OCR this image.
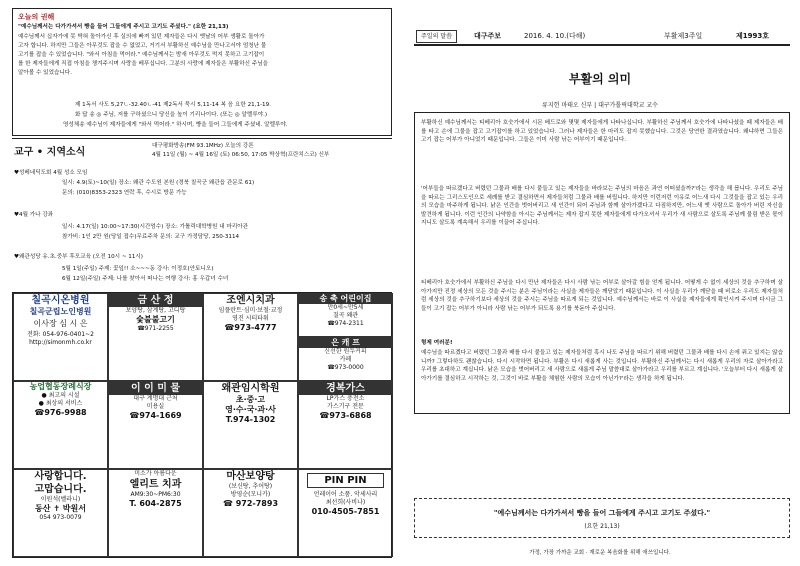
오늘의 권해
"예수님께서는 다가가셔서 빵을 들어 그들에게 주시고 고기도 주셨다." (요한 21,13)
예수님께서 십자가에 못 박혀 돌아가신 후 실의에 빠져 있던 제자들은 다시 옛날의 어부 생활로 돌아가
고자 합니다. 하지만 그들은 아무것도 잡을 수 없었고, 거기서 부활하신 예수님을 만나고서야 엄청난 물
고기를 잡을 수 있었습니다. "와서 아침을 먹어라." 예수님께서는 밤새 아무것도 먹지 못하고 고기잡이
를 한 제자들에게 직접 아침을 챙겨주시며 사랑을 베푸십니다. 그분의 사랑에 제자들은 부활하신 주님을
알아볼 수 있었습니다.
제 1독서 사도 5,27ㄴ-32.40ㄴ-41 제2독서 묵시 5,11-14 복 음 요한 21,1-19.
화 답 송 ◎ 주님, 저를 구하셨으니 당신을 높이 기리나이다. (또는 ◎ 알렐루야.)
영성체송 예수님이 제자들에게 "와서 먹어라." 하시며, 빵을 들어 그들에게 주셨네. 알렐루야.
교구 • 지역소식
대구평화방송(FM 93.1MHz) 오늘의 강론
4월 11일 (월) ~ 4월 16일 (토) 06:50, 17:05 박상혁(프란치스코) 신부
♥성베네딕도회 4월 성소 모임
일시: 4.9(토)~10(일) 장소: 왜관 수도원 본원 (경북 칠곡군 왜관읍 관문로 61)
문의: (010)8353-2323 연락 후, 수시로 방문 가능
♥4월 가나 강좌
일시: 4.17(일) 10:00~17:30(시간엄수) 장소: 가톨릭대학병원 내 마리아관
참가비: 1인 2만 원(당일 접수)무료주차 문의: 교구 가정담당, 250-3114
♥왜관성당 유.초.중부 후모교육 (오전 10시 ~ 11시)
5월 1일(주일) 주제: 꽃잎!! 소~~~동 강사: 이정호(안토니오)
6월 12일(주일) 주제: 나를 찾아서 떠나는 여행 강사: 홍 우갑녀 수녀
칠곡시온병원
칠곡군립노인병원
이사장 심 시 은
전화: 054-976-0401~2
http://simonmh.co.kr
금 산 정
보양탕, 삼계탕, 고디탕
숯불불고기
☎971-2255
조엔시치과
임플란트·심미·보철·교정
영진 시티타워
☎973-4777
송 축 어린이집
만0세~만5세
칠곡 왜관
☎974-2311
은 캐 프
신선한 원두커피
카페
☎973-0000
농업협동장례식장
● 최고의 시설
● 최상의 서비스
☎976-9988
이 이 미 물
대구 계명대 근처
미용실
☎974-1669
왜관임시학원
초·중·고
영·수·국·과·사
T.974-1302
경복가스
LP가스 충전소
가스기구 전문
☎973-6868
사랑합니다.
고맙습니다.
이원석(벨라니)
동산 ✝ 박원서
054 973-0079
미소가 아름다운
엘리트 치과
AM9:30~PM6:30
T. 604-2875
마산보양탕
(보신탕, 추어탕)
방영순(모니카)
☎ 972-7893
PIN PIN
언레이어 소품. 악세사리
최선희(사비나)
010-4505-7851
주일의 말씀	대구주보	2016. 4. 10.(다해)	부활제3주일	제1993호
부활의 의미
류지헌 마태오 신부 | 대구가톨릭대학교 교수
부활하신 예수님께서는 티베리아 호숫가에서 시몬 베드로와 몇몇 제자들에게 나타나십니다. 부활하신 주님께서 호숫가에 나타나셨을 때 제자들은 배를 타고 손에 그물을 잡고 고기잡이를 하고 있었습니다. 그러나 제자들은 한 마리도 잡지 못했습니다. 그것은 당연한 결과였습니다. 왜냐하면 그들은 고기 잡는 어부가 아니었기 때문입니다. 그들은 이미 사람 낚는 어부이기 때문입니다.
'어부들을 따르겠다고 버렸던 그물과 배를 다시 붙들고 있는 제자들을 바라보는 주님의 마음은 과연 어떠셨을까?'라는 생각을 해 봅니다. 우리도 주님을 따르는 그리스도인으로 세례를 받고 결심하면서 제자들처럼 그물과 배를 버립니다. 하지만 이런저런 이유로 어느새 다시 그것들을 잡고 있는 우리의 모습을 마주하게 됩니다. 낡은 인간을 벗어버리고 새 인간이 되어 주님과 함께 살아가겠다고 다짐하지만, 어느새 옛 사람으로 돌아가 버린 자신을 발견하게 됩니다. 이런 인간의 나약함을 아시는 주님께서는 제자 잡지 못한 제자들에게 다가오셔서 우리가 새 사람으로 살도록 주님께 불림 받은 몫이 지니도 살도록 계속해서 우리를 이끌어 주십니다.
티베리아 호숫가에서 부활하신 주님을 다시 만난 제자들은 다시 사람 낚는 어부로 살아갈 힘을 얻게 됩니다. 어떻게 수 없이 세상의 것을 추구하며 살아가지만 진정 세상의 모든 것을 주시는 분은 주님이라는 사실을 제자들은 깨닫았기 때문입니다. 이 사실을 우리가 깨닫을 때 비로소 우리도 제자들처럼 세상의 것을 추구하기보다 세상의 것을 주시는 주님을 따르게 되는 것입니다. 예수님께서는 바로 이 사실을 제자들에게 확인시켜 주시며 다시금 그들이 고기 잡는 어부가 아니라 사람 낚는 어부가 되도록 용기를 북돋아 주십니다.
형제 여러분!
예수님을 따르겠다고 버렸던 그물과 배를 다시 붙들고 있는 제자들처럼 혹시 나도 주님을 따르기 위해 버렸던 그물과 배를 다시 손에 쥐고 있지는 않습니까? 그렇다하도 괜찮습니다. 다시 시작하면 됩니다. 부활은 다시 새롭게 사는 것입니다. 부활하신 주님께서는 다시 새롭게 우리의 자로 살아가라고 우리를 초대하고 계십니다. 낡은 모습을 벗어버리고 새 사람으로 새롭게 주님 말씀대로 살아가라고 우리를 부르고 계십니다. '오늘부터 다시 새롭게 살아가기를 결심하고 시작하는 것, 그것이 바로 부활을 체험한 사람의 모습이 아닌가?'라는 생각을 하게 됩니다.
"예수님께서는 다가가셔서 빵을 들어 그들에게 주시고 고기도 주셨다."
(요한 21,13)
가정, 가장 가까운 교회 · 재로운 복음화를 위해 애쓰입니다.
